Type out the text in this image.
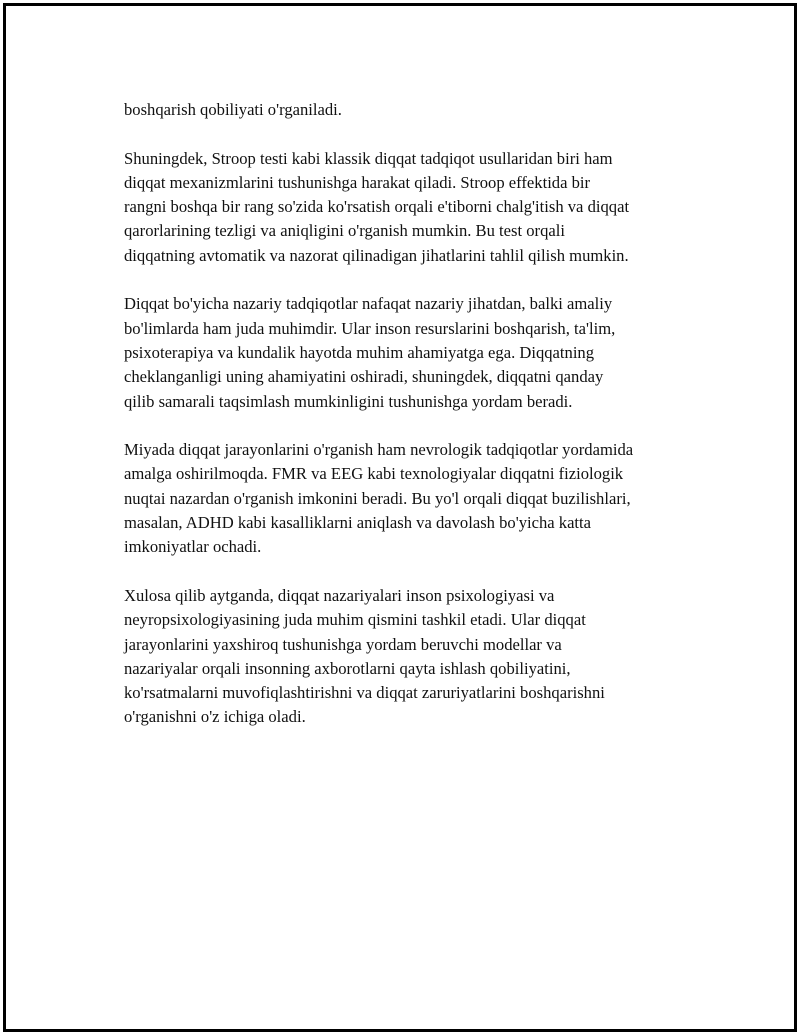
boshqarish qobiliyati o'rganiladi.

Shuningdek, Stroop testi kabi klassik diqqat tadqiqot usullaridan biri ham
diqqat mexanizmlarini tushunishga harakat qiladi. Stroop effektida bir
rangni boshqa bir rang so'zida ko'rsatish orqali e'tiborni chalg'itish va diqqat
qarorlarining tezligi va aniqligini o'rganish mumkin. Bu test orqali
diqqatning avtomatik va nazorat qilinadigan jihatlarini tahlil qilish mumkin.

Diqqat bo'yicha nazariy tadqiqotlar nafaqat nazariy jihatdan, balki amaliy
bo'limlarda ham juda muhimdir. Ular inson resurslarini boshqarish, ta'lim,
psixoterapiya va kundalik hayotda muhim ahamiyatga ega. Diqqatning
cheklanganligi uning ahamiyatini oshiradi, shuningdek, diqqatni qanday
qilib samarali taqsimlash mumkinligini tushunishga yordam beradi.

Miyada diqqat jarayonlarini o'rganish ham nevrologik tadqiqotlar yordamida
amalga oshirilmoqda. FMR va EEG kabi texnologiyalar diqqatni fiziologik
nuqtai nazardan o'rganish imkonini beradi. Bu yo'l orqali diqqat buzilishlari,
masalan, ADHD kabi kasalliklarni aniqlash va davolash bo'yicha katta
imkoniyatlar ochadi.

Xulosa qilib aytganda, diqqat nazariyalari inson psixologiyasi va
neyropsixologiyasining juda muhim qismini tashkil etadi. Ular diqqat
jarayonlarini yaxshiroq tushunishga yordam beruvchi modellar va
nazariyalar orqali insonning axborotlarni qayta ishlash qobiliyatini,
ko'rsatmalarni muvofiqlashtirishni va diqqat zaruriyatlarini boshqarishni
o'rganishni o'z ichiga oladi.
